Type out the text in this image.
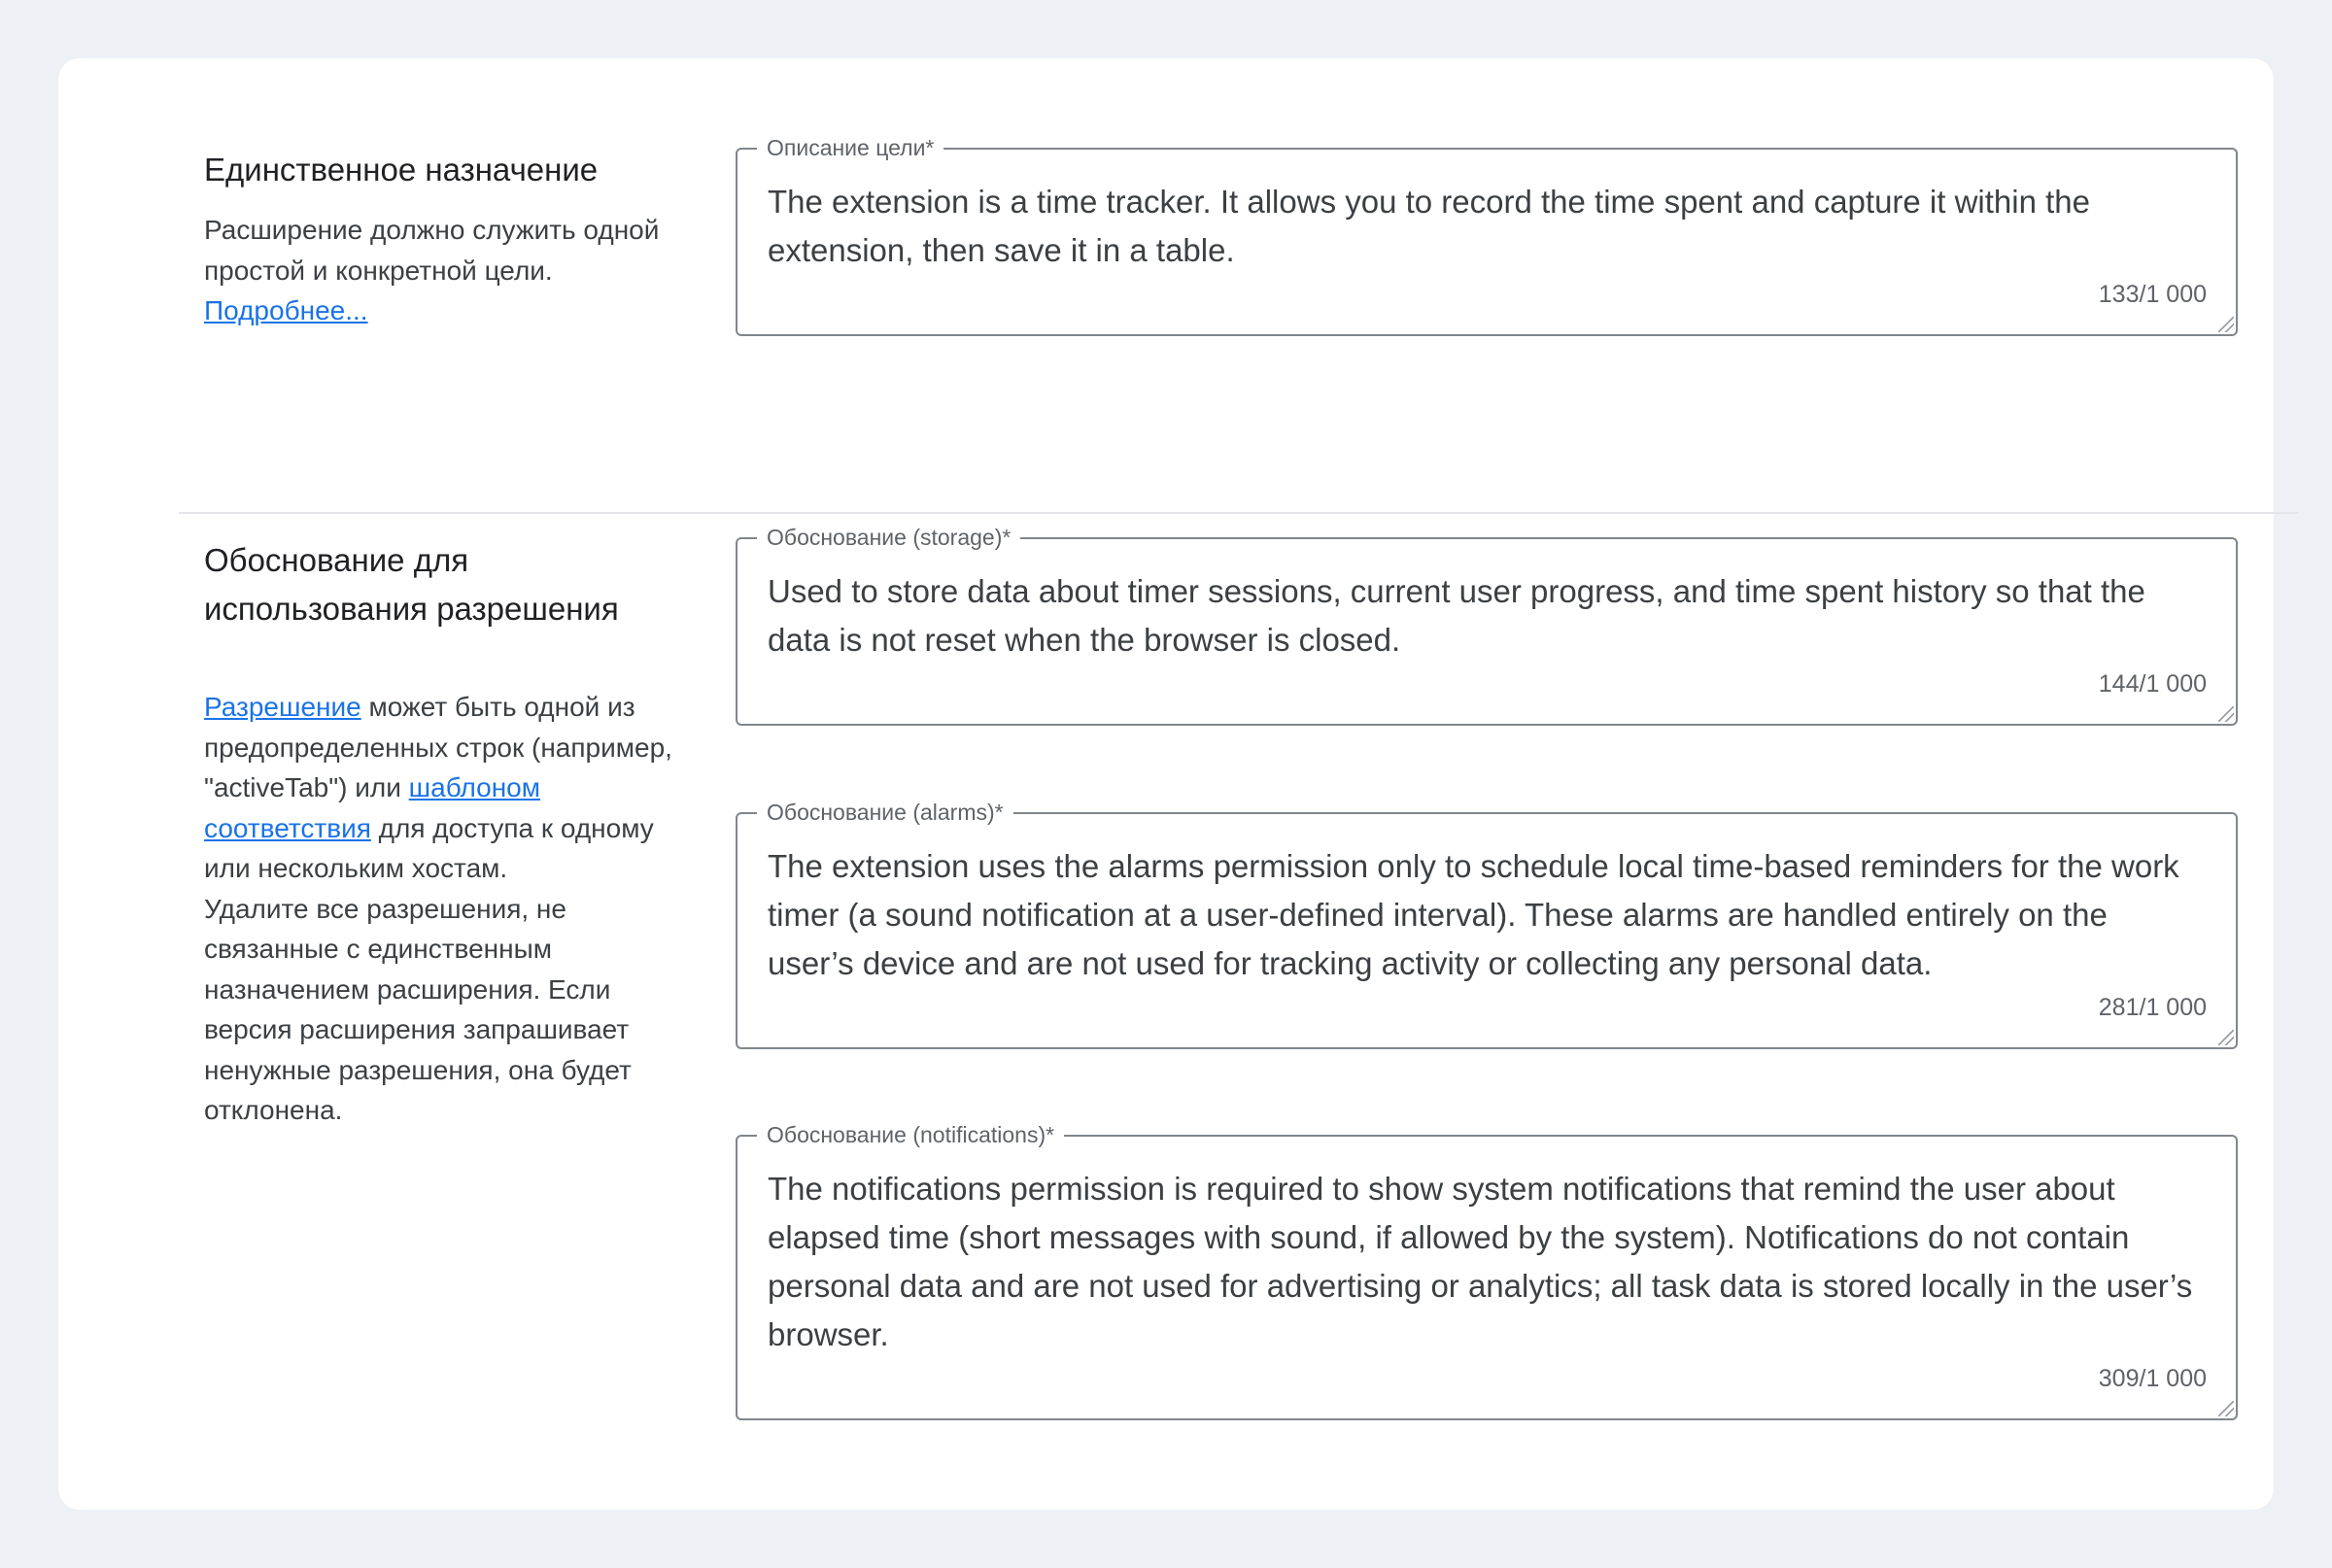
Единственное назначение

Расширение должно служить одной простой и конкретной цели. Подробнее...

Описание цели*

The extension is a time tracker. It allows you to record the time spent and capture it within the extension, then save it in a table.

133/1 000
Обоснование для использования разрешения

Разрешение может быть одной из предопределенных строк (например, "activeTab") или шаблоном соответствия для доступа к одному или нескольким хостам.
Удалите все разрешения, не связанные с единственным назначением расширения. Если версия расширения запрашивает ненужные разрешения, она будет отклонена.

Обоснование (storage)*

Used to store data about timer sessions, current user progress, and time spent history so that the data is not reset when the browser is closed.

144/1 000
Обоснование (alarms)*

The extension uses the alarms permission only to schedule local time-based reminders for the work timer (a sound notification at a user-defined interval). These alarms are handled entirely on the user’s device and are not used for tracking activity or collecting any personal data.

281/1 000
Обоснование (notifications)*

The notifications permission is required to show system notifications that remind the user about elapsed time (short messages with sound, if allowed by the system). Notifications do not contain personal data and are not used for advertising or analytics; all task data is stored locally in the user’s browser.

309/1 000
